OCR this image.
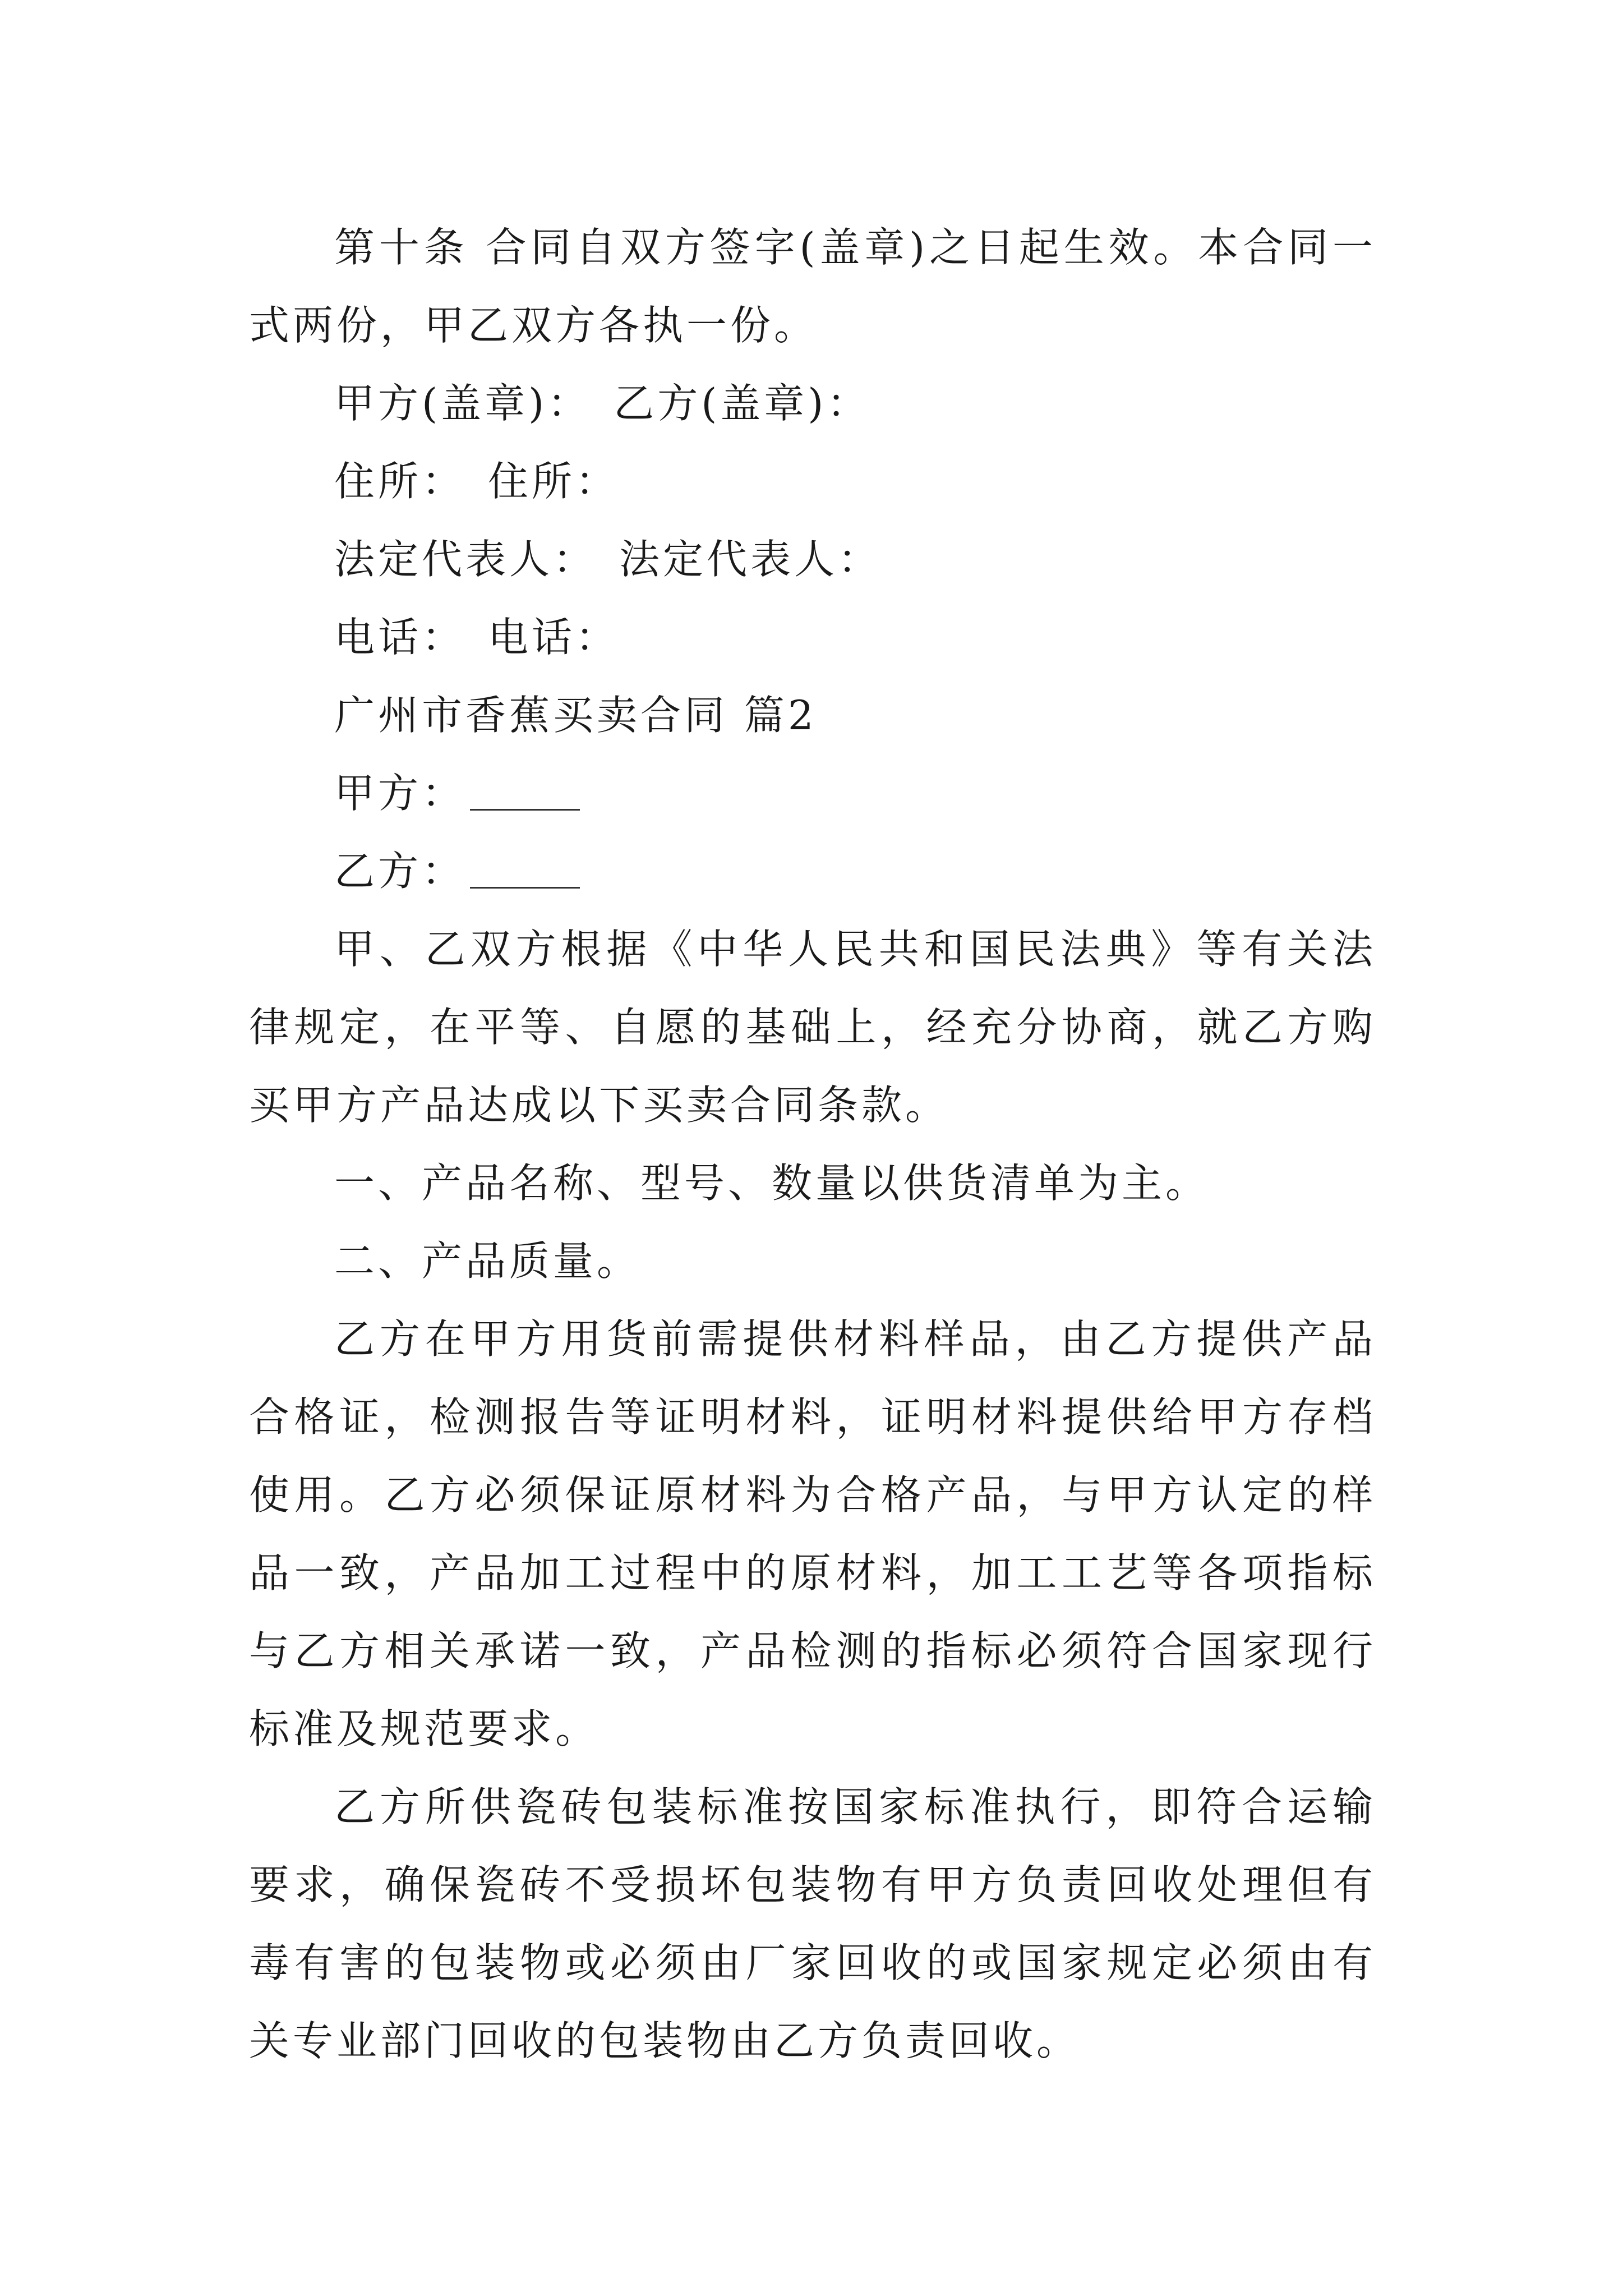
第十条 合同自双方签字(盖章)之日起生效。本合同一式两份，甲乙双方各执一份。

甲方(盖章)： 乙方(盖章)：

住所： 住所：

法定代表人： 法定代表人：

电话： 电话：

广州市香蕉买卖合同 篇2

甲方：

乙方：

甲、乙双方根据《中华人民共和国民法典》等有关法律规定，在平等、自愿的基础上，经充分协商，就乙方购买甲方产品达成以下买卖合同条款。

一、产品名称、型号、数量以供货清单为主。

二、产品质量。

乙方在甲方用货前需提供材料样品，由乙方提供产品合格证，检测报告等证明材料，证明材料提供给甲方存档使用。乙方必须保证原材料为合格产品，与甲方认定的样品一致，产品加工过程中的原材料，加工工艺等各项指标与乙方相关承诺一致，产品检测的指标必须符合国家现行标准及规范要求。

乙方所供瓷砖包装标准按国家标准执行，即符合运输要求，确保瓷砖不受损坏包装物有甲方负责回收处理但有毒有害的包装物或必须由厂家回收的或国家规定必须由有关专业部门回收的包装物由乙方负责回收。
